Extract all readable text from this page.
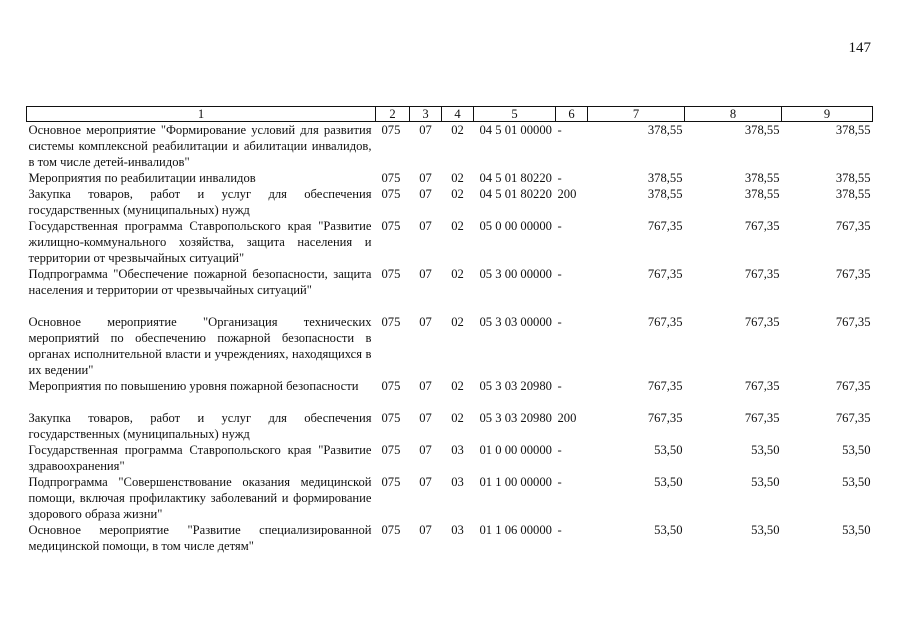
147
1	2	3	4	5	6	7	8	9
Основное мероприятие "Формирование условий для развития системы комплексной реабилитации и абилитации инвалидов, в том числе детей-инвалидов"	075	07	02	04 5 01 00000	-	378,55	378,55	378,55
Мероприятия по реабилитации инвалидов	075	07	02	04 5 01 80220	-	378,55	378,55	378,55
Закупка товаров, работ и услуг для обеспечения государственных (муниципальных) нужд	075	07	02	04 5 01 80220	200	378,55	378,55	378,55
Государственная программа Ставропольского края "Развитие жилищно-коммунального хозяйства, защита населения и территории от чрезвычайных ситуаций"	075	07	02	05 0 00 00000	-	767,35	767,35	767,35
Подпрограмма "Обеспечение пожарной безопасности, защита населения и территории от чрезвычайных ситуаций"	075	07	02	05 3 00 00000	-	767,35	767,35	767,35

Основное мероприятие "Организация технических мероприятий по обеспечению пожарной безопасности в органах исполнительной власти и учреждениях, находящихся в их ведении"	075	07	02	05 3 03 00000	-	767,35	767,35	767,35
Мероприятия по повышению уровня пожарной безопасности	075	07	02	05 3 03 20980	-	767,35	767,35	767,35

Закупка товаров, работ и услуг для обеспечения государственных (муниципальных) нужд	075	07	02	05 3 03 20980	200	767,35	767,35	767,35
Государственная программа Ставропольского края "Развитие здравоохранения"	075	07	03	01 0 00 00000	-	53,50	53,50	53,50
Подпрограмма "Совершенствование оказания медицинской помощи, включая профилактику заболеваний и формирование здорового образа жизни"	075	07	03	01 1 00 00000	-	53,50	53,50	53,50
Основное мероприятие "Развитие специализированной медицинской помощи, в том числе детям"	075	07	03	01 1 06 00000	-	53,50	53,50	53,50
